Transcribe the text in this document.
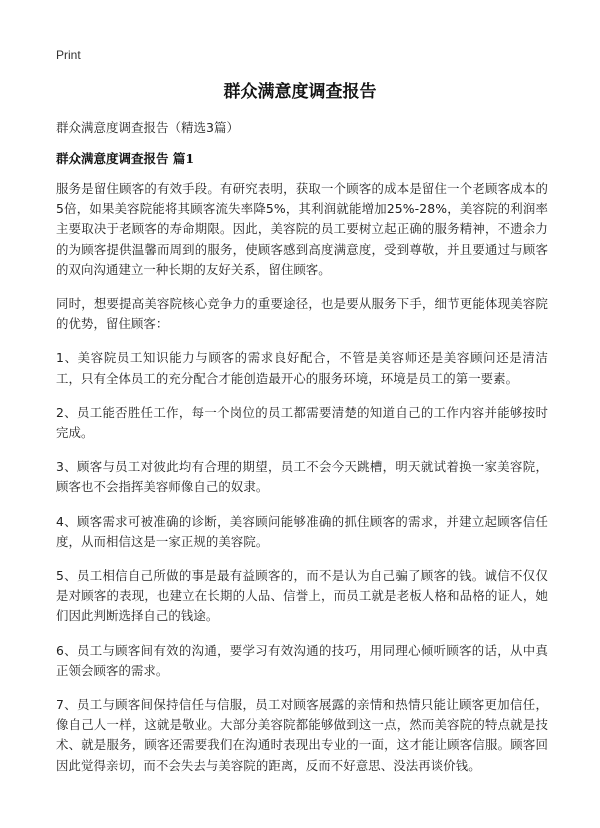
Print
群众满意度调查报告

群众满意度调查报告（精选3篇）

群众满意度调查报告 篇1

服务是留住顾客的有效手段。有研究表明，获取一个顾客的成本是留住一个老顾客成本的5倍，如果美容院能将其顾客流失率降5%，其利润就能增加25%-28%，美容院的利润率主要取决于老顾客的寿命期限。因此，美容院的员工要树立起正确的服务精神，不遗余力的为顾客提供温馨而周到的服务，使顾客感到高度满意度，受到尊敬，并且要通过与顾客的双向沟通建立一种长期的友好关系，留住顾客。

同时，想要提高美容院核心竞争力的重要途径，也是要从服务下手，细节更能体现美容院的优势，留住顾客：

1、美容院员工知识能力与顾客的需求良好配合，不管是美容师还是美容顾问还是清洁工，只有全体员工的充分配合才能创造最开心的服务环境，环境是员工的第一要素。

2、员工能否胜任工作，每一个岗位的员工都需要清楚的知道自己的工作内容并能够按时完成。

3、顾客与员工对彼此均有合理的期望，员工不会今天跳槽，明天就试着换一家美容院，顾客也不会指挥美容师像自己的奴隶。

4、顾客需求可被准确的诊断，美容顾问能够准确的抓住顾客的需求，并建立起顾客信任度，从而相信这是一家正规的美容院。

5、员工相信自己所做的事是最有益顾客的，而不是认为自己骗了顾客的钱。诚信不仅仅是对顾客的表现，也建立在长期的人品、信誉上，而员工就是老板人格和品格的证人，她们因此判断选择自己的钱途。

6、员工与顾客间有效的沟通，要学习有效沟通的技巧，用同理心倾听顾客的话，从中真正领会顾客的需求。

7、员工与顾客间保持信任与信服，员工对顾客展露的亲情和热情只能让顾客更加信任，像自己人一样，这就是敬业。大部分美容院都能够做到这一点，然而美容院的特点就是技术、就是服务，顾客还需要我们在沟通时表现出专业的一面，这才能让顾客信服。顾客回因此觉得亲切，而不会失去与美容院的距离，反而不好意思、没法再谈价钱。
